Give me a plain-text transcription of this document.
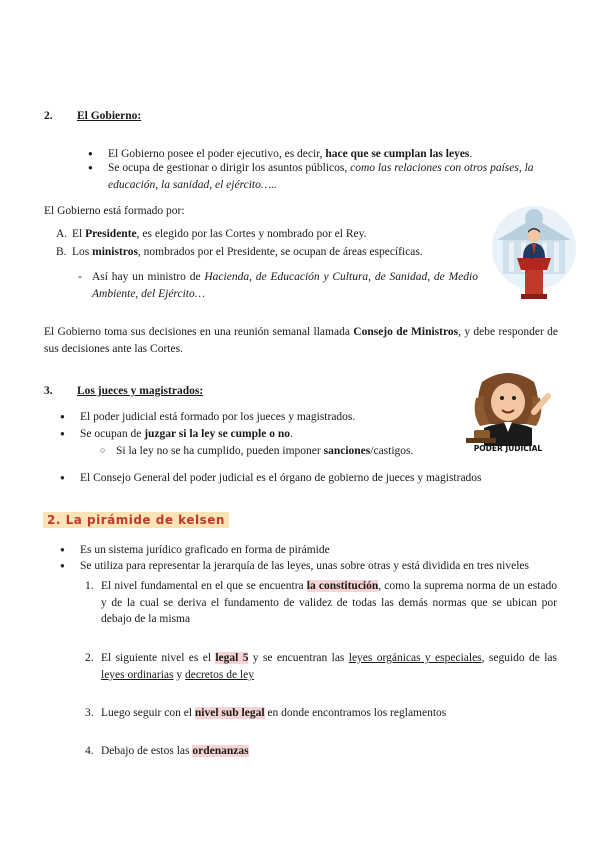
2. El Gobierno:
● El Gobierno posee el poder ejecutivo, es decir, hace que se cumplan las leyes.
● Se ocupa de gestionar o dirigir los asuntos públicos, como las relaciones con otros países, la educación, la sanidad, el ejército…..
El Gobierno está formado por:
A. El Presidente, es elegido por las Cortes y nombrado por el Rey.
B. Los ministros, nombrados por el Presidente, se ocupan de áreas específicas.
- Así hay un ministro de Hacienda, de Educación y Cultura, de Sanidad, de Medio Ambiente, del Ejército…
El Gobierno toma sus decisiones en una reunión semanal llamada Consejo de Ministros, y debe responder de sus decisiones ante las Cortes.
3. Los jueces y magistrados:
● El poder judicial está formado por los jueces y magistrados.
● Se ocupan de juzgar si la ley se cumple o no.
○ Si la ley no se ha cumplido, pueden imponer sanciones/castigos.
● El Consejo General del poder judicial es el órgano de gobierno de jueces y magistrados
PODER JUDICIAL
2. La pirámide de kelsen
● Es un sistema jurídico graficado en forma de pirámide
● Se utiliza para representar la jerarquía de las leyes, unas sobre otras y está dividida en tres niveles
1. El nivel fundamental en el que se encuentra la constitución, como la suprema norma de un estado y de la cual se deriva el fundamento de validez de todas las demás normas que se ubican por debajo de la misma
2. El siguiente nivel es el legal 5 y se encuentran las leyes orgánicas y especiales, seguido de las leyes ordinarias y decretos de ley
3. Luego seguir con el nivel sub legal en donde encontramos los reglamentos
4. Debajo de estos las ordenanzas
